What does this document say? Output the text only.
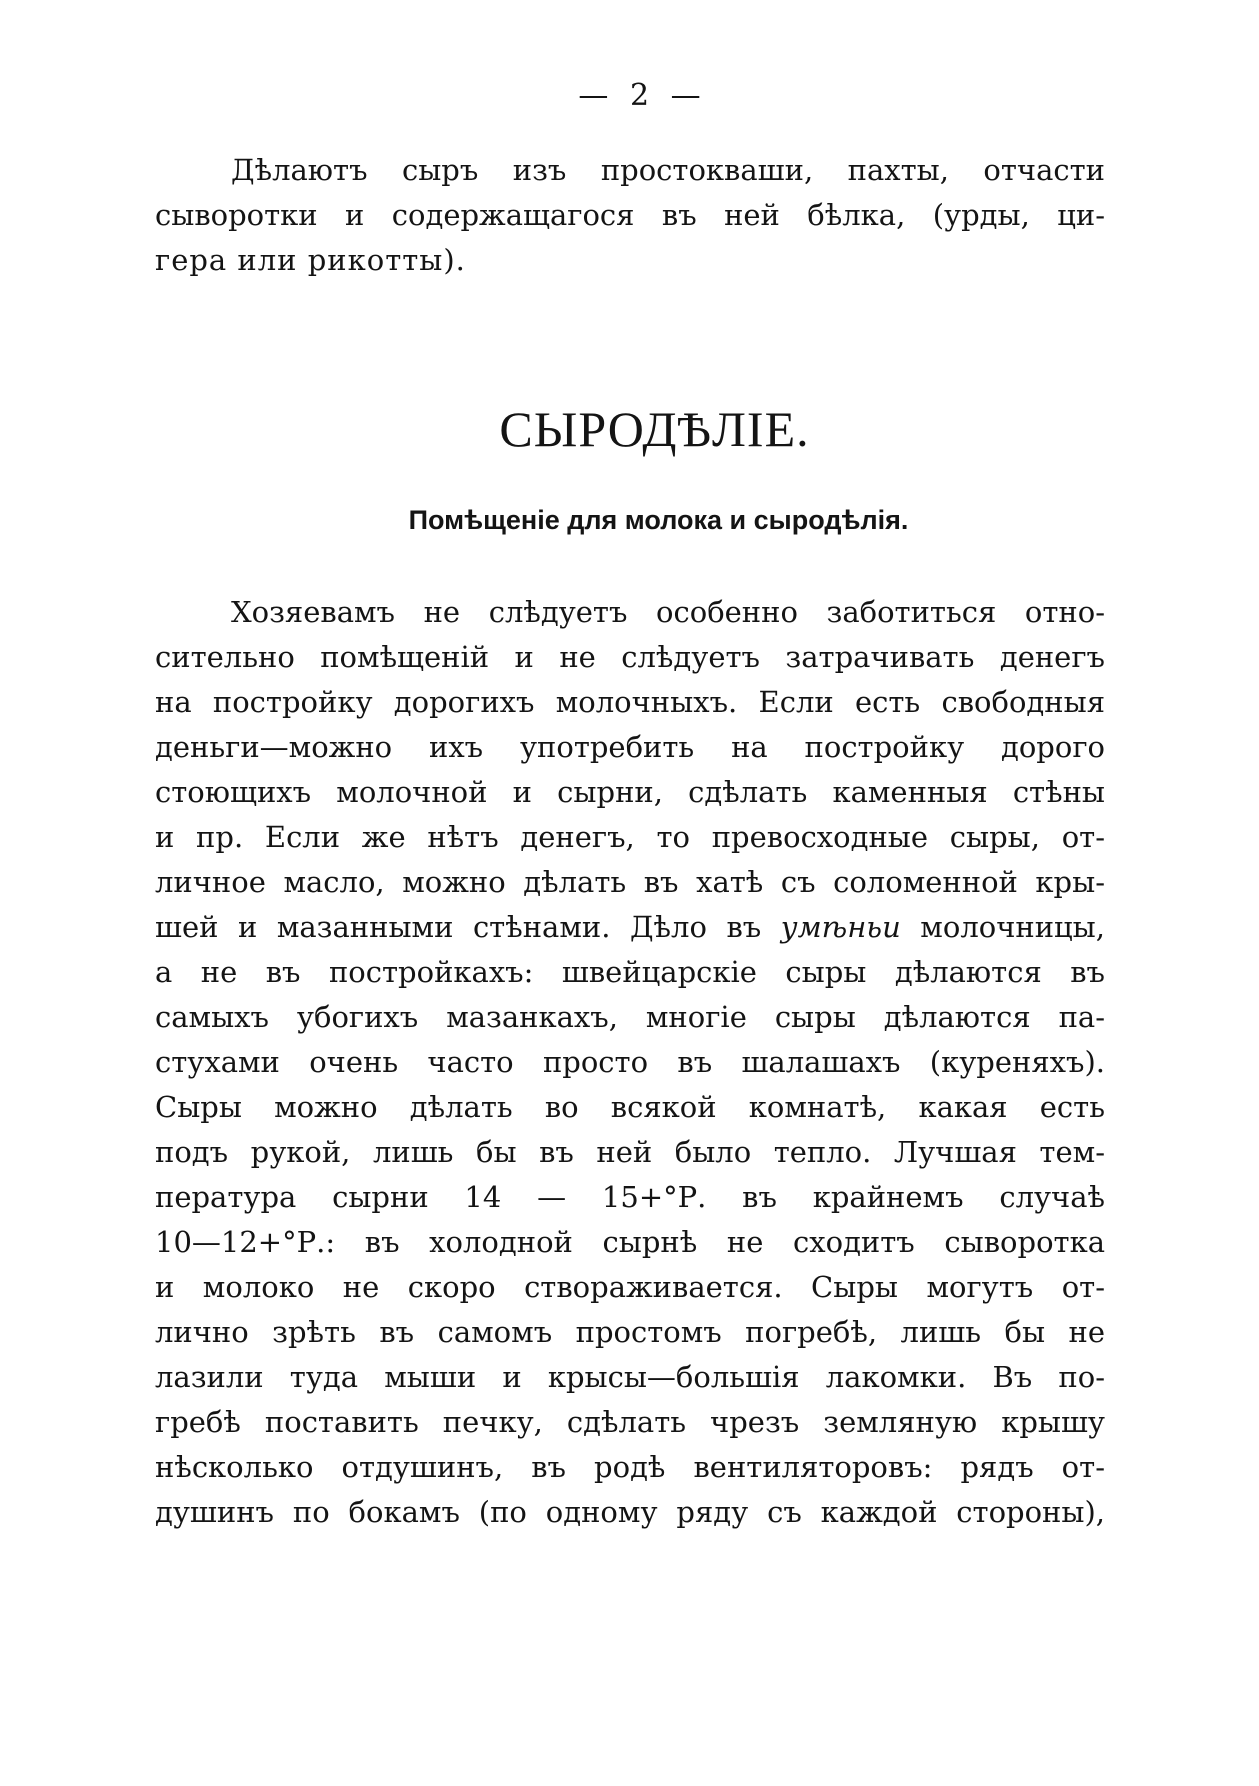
— 2 —

Дѣлаютъ сыръ изъ простокваши, пахты, отчасти
сыворотки и содержащагося въ ней бѣлка, (урды, ци-
гера или рикотты).

СЫРОДѢЛІЕ.
Помѣщеніе для молока и сыродѣлія.

Хозяевамъ не слѣдуетъ особенно заботиться отно-
сительно помѣщеній и не слѣдуетъ затрачивать денегъ
на постройку дорогихъ молочныхъ. Если есть свободныя
деньги—можно ихъ употребить на постройку дорого
стоющихъ молочной и сырни, сдѣлать каменныя стѣны
и пр. Если же нѣтъ денегъ, то превосходные сыры, от-
личное масло, можно дѣлать въ хатѣ съ соломенной кры-
шей и мазанными стѣнами. Дѣло въ умѣньи молочницы,
а не въ постройкахъ: швейцарскіе сыры дѣлаются въ
самыхъ убогихъ мазанкахъ, многіе сыры дѣлаются па-
стухами очень часто просто въ шалашахъ (куреняхъ).
Сыры можно дѣлать во всякой комнатѣ, какая есть
подъ рукой, лишь бы въ ней было тепло. Лучшая тем-
пература сырни 14 — 15+°Р. въ крайнемъ случаѣ
10—12+°Р.: въ холодной сырнѣ не сходитъ сыворотка
и молоко не скоро створаживается. Сыры могутъ от-
лично зрѣть въ самомъ простомъ погребѣ, лишь бы не
лазили туда мыши и крысы—большія лакомки. Въ по-
гребѣ поставить печку, сдѣлать чрезъ земляную крышу
нѣсколько отдушинъ, въ родѣ вентиляторовъ: рядъ от-
душинъ по бокамъ (по одному ряду съ каждой стороны),
